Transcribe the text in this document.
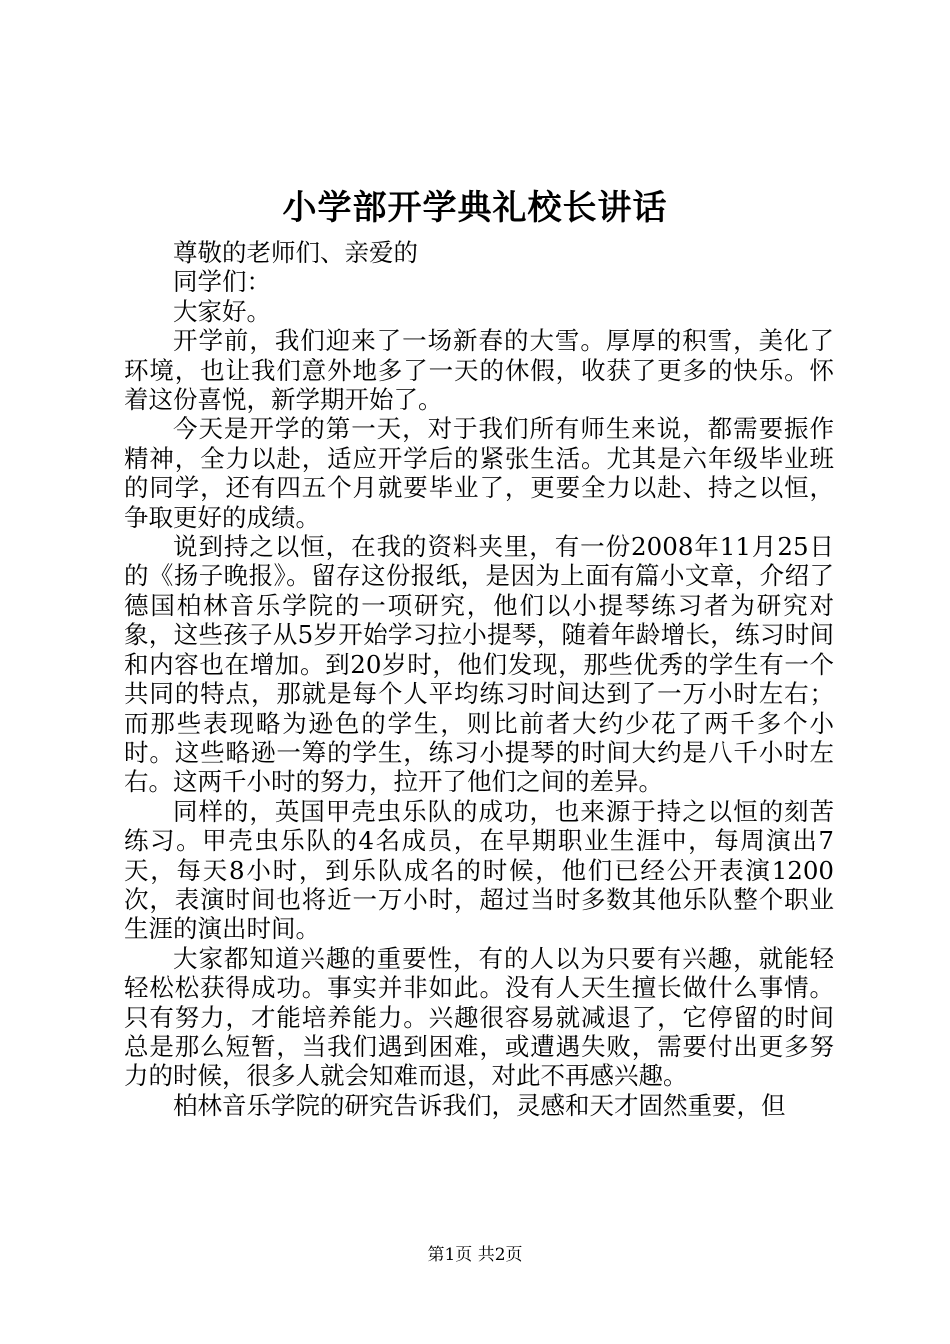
小学部开学典礼校长讲话

尊敬的老师们、亲爱的

同学们：

大家好。

开学前，我们迎来了一场新春的大雪。厚厚的积雪，美化了环境，也让我们意外地多了一天的休假，收获了更多的快乐。怀着这份喜悦，新学期开始了。

今天是开学的第一天，对于我们所有师生来说，都需要振作精神，全力以赴，适应开学后的紧张生活。尤其是六年级毕业班的同学，还有四五个月就要毕业了，更要全力以赴、持之以恒，争取更好的成绩。

说到持之以恒，在我的资料夹里，有一份2008年11月25日的《扬子晚报》。留存这份报纸，是因为上面有篇小文章，介绍了德国柏林音乐学院的一项研究，他们以小提琴练习者为研究对象，这些孩子从5岁开始学习拉小提琴，随着年龄增长，练习时间和内容也在增加。到20岁时，他们发现，那些优秀的学生有一个共同的特点，那就是每个人平均练习时间达到了一万小时左右；而那些表现略为逊色的学生，则比前者大约少花了两千多个小时。这些略逊一筹的学生，练习小提琴的时间大约是八千小时左右。这两千小时的努力，拉开了他们之间的差异。

同样的，英国甲壳虫乐队的成功，也来源于持之以恒的刻苦练习。甲壳虫乐队的4名成员，在早期职业生涯中，每周演出7天，每天8小时，到乐队成名的时候，他们已经公开表演1200次，表演时间也将近一万小时，超过当时多数其他乐队整个职业生涯的演出时间。

大家都知道兴趣的重要性，有的人以为只要有兴趣，就能轻轻松松获得成功。事实并非如此。没有人天生擅长做什么事情。只有努力，才能培养能力。兴趣很容易就减退了，它停留的时间总是那么短暂，当我们遇到困难，或遭遇失败，需要付出更多努力的时候，很多人就会知难而退，对此不再感兴趣。

柏林音乐学院的研究告诉我们，灵感和天才固然重要，但

第1页 共2页
